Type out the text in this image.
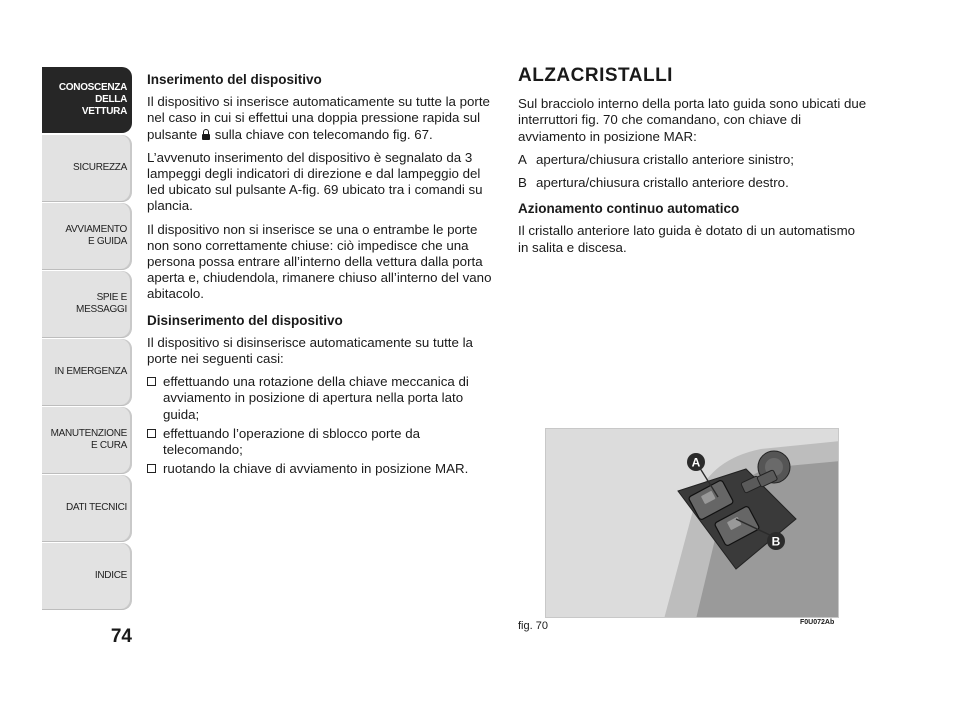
CONOSCENZA
DELLA
VETTURA
SICUREZZA
AVVIAMENTO
E GUIDA
SPIE E
MESSAGGI
IN EMERGENZA
MANUTENZIONE
E CURA
DATI TECNICI
INDICE
74
Inserimento del dispositivo

Il dispositivo si inserisce automaticamente su tutte la porte nel caso in cui si effettui una doppia pressione rapida sul pulsante sulla chiave con telecomando fig. 67.

L’avvenuto inserimento del dispositivo è segnalato da 3 lampeggi degli indicatori di direzione e dal lampeggio del led ubicato sul pulsante A-fig. 69 ubicato tra i comandi su plancia.

Il dispositivo non si inserisce se una o entrambe le porte non sono correttamente chiuse: ciò impedisce che una persona possa entrare all’interno della vettura dalla porta aperta e, chiudendola, rimanere chiuso all’interno del vano abitacolo.

Disinserimento del dispositivo

Il dispositivo si disinserisce automaticamente su tutte la porte nei seguenti casi:

effettuando una rotazione della chiave meccanica di avviamento in posizione di apertura nella porta lato guida;
effettuando l’operazione di sblocco porte da telecomando;
ruotando la chiave di avviamento in posizione MAR.
ALZACRISTALLI

Sul bracciolo interno della porta lato guida sono ubicati due interruttori fig. 70 che comandano, con chiave di avviamento in posizione MAR:

A apertura/chiusura cristallo anteriore sinistro;
B apertura/chiusura cristallo anteriore destro.
Azionamento continuo automatico

Il cristallo anteriore lato guida è dotato di un automatismo in salita e discesa.

A
B
fig. 70	F0U072Ab
